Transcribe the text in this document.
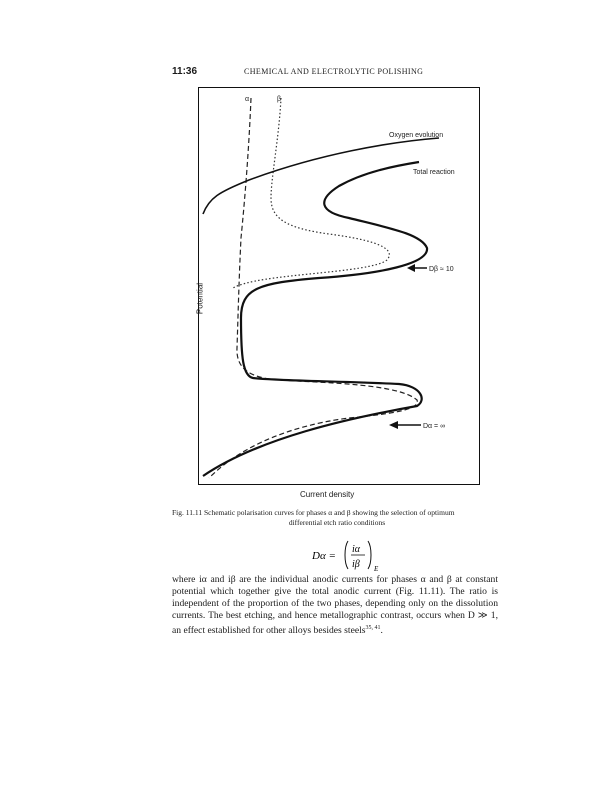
11:36	CHEMICAL AND ELECTROLYTIC POLISHING
α	β
Oxygen evolution
Total reaction
Dβ ≈ 10
Dα = ∞
Current density
Potential
Fig. 11.11 Schematic polarisation curves for phases α and β showing the selection of optimum
differential etch ratio conditions
Dα =
iα
iβ E
where iα and iβ are the individual anodic currents for phases α and β at constant potential which together give the total anodic current (Fig. 11.11). The ratio is independent of the proportion of the two phases, depending only on the dissolution currents. The best etching, and hence metallographic contrast, occurs when D ≫ 1, an effect established for other alloys besides steels$^{35, 41}$.
